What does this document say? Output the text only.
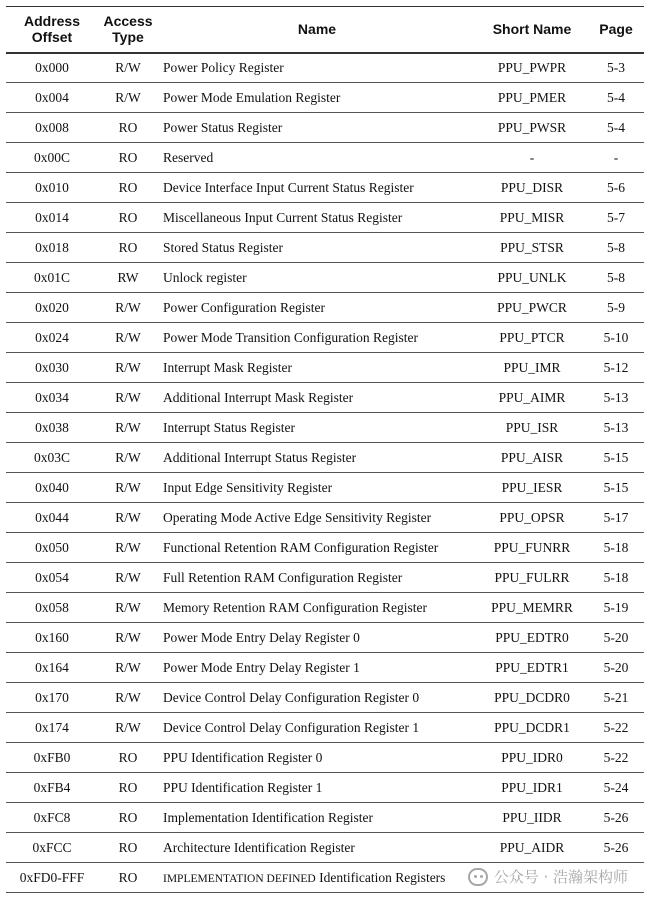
Address
Offset	Access
Type	Name	Short Name	Page
0x000	R/W	Power Policy Register	PPU_PWPR	5-3
0x004	R/W	Power Mode Emulation Register	PPU_PMER	5-4
0x008	RO	Power Status Register	PPU_PWSR	5-4
0x00C	RO	Reserved	-	-
0x010	RO	Device Interface Input Current Status Register	PPU_DISR	5-6
0x014	RO	Miscellaneous Input Current Status Register	PPU_MISR	5-7
0x018	RO	Stored Status Register	PPU_STSR	5-8
0x01C	RW	Unlock register	PPU_UNLK	5-8
0x020	R/W	Power Configuration Register	PPU_PWCR	5-9
0x024	R/W	Power Mode Transition Configuration Register	PPU_PTCR	5-10
0x030	R/W	Interrupt Mask Register	PPU_IMR	5-12
0x034	R/W	Additional Interrupt Mask Register	PPU_AIMR	5-13
0x038	R/W	Interrupt Status Register	PPU_ISR	5-13
0x03C	R/W	Additional Interrupt Status Register	PPU_AISR	5-15
0x040	R/W	Input Edge Sensitivity Register	PPU_IESR	5-15
0x044	R/W	Operating Mode Active Edge Sensitivity Register	PPU_OPSR	5-17
0x050	R/W	Functional Retention RAM Configuration Register	PPU_FUNRR	5-18
0x054	R/W	Full Retention RAM Configuration Register	PPU_FULRR	5-18
0x058	R/W	Memory Retention RAM Configuration Register	PPU_MEMRR	5-19
0x160	R/W	Power Mode Entry Delay Register 0	PPU_EDTR0	5-20
0x164	R/W	Power Mode Entry Delay Register 1	PPU_EDTR1	5-20
0x170	R/W	Device Control Delay Configuration Register 0	PPU_DCDR0	5-21
0x174	R/W	Device Control Delay Configuration Register 1	PPU_DCDR1	5-22
0xFB0	RO	PPU Identification Register 0	PPU_IDR0	5-22
0xFB4	RO	PPU Identification Register 1	PPU_IDR1	5-24
0xFC8	RO	Implementation Identification Register	PPU_IIDR	5-26
0xFCC	RO	Architecture Identification Register	PPU_AIDR	5-26
0xFD0-FFF	RO	IMPLEMENTATION DEFINED Identification Registers			公众号 · 浩瀚架构师
